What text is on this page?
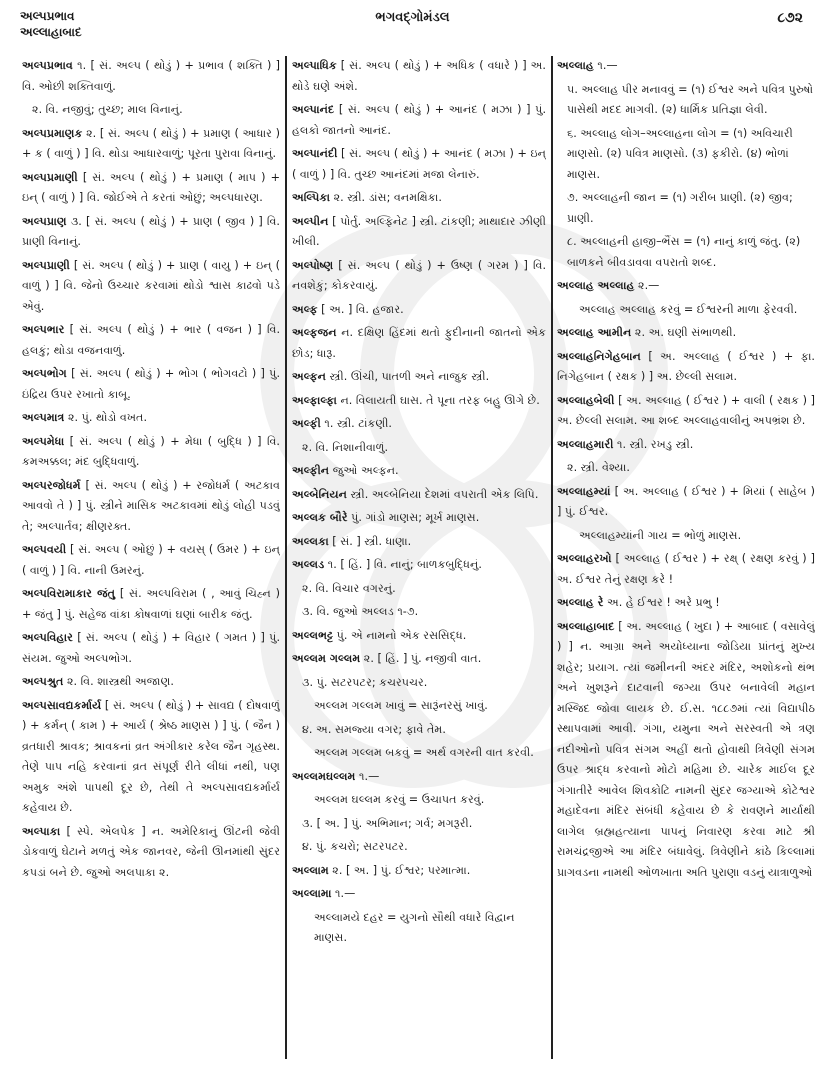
અલ્પપ્રભાવ
અલ્લાહાબાદ
ભગવદ્ગોમંડલ	૮૭૨

અલ્પપ્રભાવ ૧. [ સં. અલ્પ ( થોડું ) + પ્રભાવ ( શક્તિ ) ] વિ. ઓછી શક્તિવાળું.

૨. વિ. નજીવું; તુચ્છ; માલ વિનાનું.

અલ્પપ્રમાણક ૨. [ સં. અલ્પ ( થોડું ) + પ્રમાણ ( આધાર ) + ક ( વાળું ) ] વિ. થોડા આધારવાળું; પૂરતા પુરાવા વિનાનું.

અલ્પપ્રમાણી [ સં. અલ્પ ( થોડું ) + પ્રમાણ ( માપ ) + ઇન્ ( વાળું ) ] વિ. જોઈએ તે કરતાં ઓછું; અલ્પધારણ.

અલ્પપ્રાણ ૩. [ સં. અલ્પ ( થોડું ) + પ્રાણ ( જીવ ) ] વિ. પ્રાણી વિનાનું.

અલ્પપ્રાણી [ સં. અલ્પ ( થોડું ) + પ્રાણ ( વાયુ ) + ઇન્ ( વાળું ) ] વિ. જેનો ઉચ્ચાર કરવામાં થોડો શ્વાસ કાઢવો પડે એવું.

અલ્પભાર [ સં. અલ્પ ( થોડું ) + ભાર ( વજન ) ] વિ. હલકું; થોડા વજનવાળું.

અલ્પભોગ [ સં. અલ્પ ( થોડું ) + ભોગ ( ભોગવટો ) ] પું. ઇંદ્રિય ઉપર રખાતો કાબૂ.

અલ્પમાત્ર ૨. પું. થોડો વખત.

અલ્પમેધા [ સં. અલ્પ ( થોડું ) + મેધા ( બુદ્ધિ ) ] વિ. કમઅક્કલ; મંદ બુદ્ધિવાળું.

અલ્પરજોધર્મ [ સં. અલ્પ ( થોડું ) + રજોધર્મ ( અટકાવ આવવો તે ) ] પું. સ્ત્રીને માસિક અટકાવમાં થોડું લોહી પડવું તે; અલ્પાર્તવ; ક્ષીણરક્ત.

અલ્પવયી [ સં. અલ્પ ( ઓછું ) + વયસ્ ( ઉમર ) + ઇન્ ( વાળું ) ] વિ. નાની ઉમરનું.

અલ્પવિરામાકાર જંતુ [ સં. અલ્પવિરામ ( , આવું ચિહ્ન ) + જંતુ ] પું. સહેજ વાંકા કોષવાળાં ઘણાં બારીક જંતુ.

અલ્પવિહાર [ સં. અલ્પ ( થોડું ) + વિહાર ( ગમત ) ] પું. સંયમ. જુઓ અલ્પભોગ.

અલ્પશ્રુત ૨. વિ. શાસ્ત્રથી અજાણ.

અલ્પસાવદ્યકર્માર્ય [ સં. અલ્પ ( થોડું ) + સાવદ્ય ( દોષવાળું ) + કર્મન્ ( કામ ) + આર્ય ( શ્રેષ્ઠ માણસ ) ] પું. ( જૈન ) વ્રતધારી શ્રાવક; શ્રાવકનાં વ્રત અંગીકાર કરેલ જૈન ગૃહસ્થ. તેણે પાપ નહિ કરવાનાં વ્રત સંપૂર્ણ રીતે લીધાં નથી, પણ અમુક અંશે પાપથી દૂર છે, તેથી તે અલ્પસાવદ્યકર્માર્ય કહેવાય છે.

અલ્પાકા [ સ્પે. એલપેક ] ન. અમેરિકાનું ઊંટની જેવી ડોકવાળું ઘેટાને મળતું એક જાનવર, જેની ઊનમાંથી સુંદર કપડાં બને છે. જુઓ અલપાકા ૨.

અલ્પાધિક [ સં. અલ્પ ( થોડું ) + અધિક ( વધારે ) ] અ. થોડે ઘણે અંશે.

અલ્પાનંદ [ સં. અલ્પ ( થોડું ) + આનંદ ( મઝા ) ] પું. હલકો જાતનો આનંદ.

અલ્પાનંદી [ સં. અલ્પ ( થોડું ) + આનંદ ( મઝા ) + ઇન્ ( વાળું ) ] વિ. તુચ્છ આનંદમાં મજા લેનારું.

અલ્પિકા ૨. સ્ત્રી. ડાંસ; વનમક્ષિકા.

અલ્પીન [ પોર્તુ. અલ્ફિનેટ ] સ્ત્રી. ટાંકણી; માથાદાર ઝીણી ખીલી.

અલ્પોષ્ણ [ સં. અલ્પ ( થોડું ) + ઉષ્ણ ( ગરમ ) ] વિ. નવશેકું; કોકરવાયું.

અલ્ફ [ અ. ] વિ. હજાર.

અલ્ફજન ન. દક્ષિણ હિંદમાં થતો ફુદીનાની જાતનો એક છોડ; ધારૂ.

અલ્ફન સ્ત્રી. ઊંચી, પાતળી અને નાજુક સ્ત્રી.

અલ્ફાલ્ફા ન. વિલાયતી ઘાસ. તે પૂના તરફ બહુ ઊગે છે.

અલ્ફી ૧. સ્ત્રી. ટાંકણી.

૨. વિ. નિશાનીવાળું.

અલ્ફીન જુઓ અલ્ફન.

અલ્બેનિયન સ્ત્રી. અલ્બેનિયા દેશમાં વપરાતી એક લિપિ.

અલ્લક બૌરે પું. ગાંડો માણસ; મૂર્ખ માણસ.

અલ્લકા [ સં. ] સ્ત્રી. ધાણા.

અલ્લડ ૧. [ હિં. ] વિ. નાનું; બાળકબુદ્ધિનું.

૨. વિ. વિચાર વગરનું.

૩. વિ. જુઓ અલ્લડ ૧-૭.

અલ્લભટ્ટ પું. એ નામનો એક રસસિદ્ધ.

અલ્લમ ગલ્લમ ૨. [ હિં. ] પું. નજીવી વાત.

૩. પું. સટરપટર; કચરપચર.

અલ્લમ ગલ્લમ ખાવું = સારૂંનરસું ખાવું.

૪. અ. સમજ્યા વગર; ફાવે તેમ.

અલ્લમ ગલ્લમ બકવું = અર્થ વગરની વાત કરવી.

અલ્લમઘલ્લમ ૧.—

અલ્લમ ઘલ્લમ કરવું = ઉચાપત કરવું.

૩. [ અ. ] પું. અભિમાન; ગર્વ; મગરૂરી.

૪. પું. કચરો; સટરપટર.

અલ્લામ ૨. [ અ. ] પું. ઈશ્વર; પરમાત્મા.

અલ્લામા ૧.—

અલ્લામયે દહર = યુગનો સૌથી વધારે વિદ્વાન માણસ.

અલ્લાહ ૧.—

૫. અલ્લાહ પીર મનાવવું = (૧) ઈશ્વર અને પવિત્ર પુરુષો પાસેથી મદદ માગવી. (૨) ધાર્મિક પ્રતિજ્ઞા લેવી.

૬. અલ્લાહ લોગ–અલ્લાહના લોગ = (૧) અવિચારી માણસો. (૨) પવિત્ર માણસો. (૩) ફકીરો. (૪) ભોળાં માણસ.

૭. અલ્લાહની જાન = (૧) ગરીબ પ્રાણી. (૨) જીવ; પ્રાણી.

૮. અલ્લાહની હાજી–ભૈંસ = (૧) નાનું કાળું જંતુ. (૨) બાળકને બીવડાવવા વપરાતો શબ્દ.

અલ્લાહ અલ્લાહ ૨.—

અલ્લાહ અલ્લાહ કરવું = ઈશ્વરની માળા ફેરવવી.

અલ્લાહ આમીન ૨. અ. ઘણી સંભાળથી.

અલ્લાહનિગેહબાન [ અ. અલ્લાહ ( ઈશ્વર ) + ફા. નિગેહબાન ( રક્ષક ) ] અ. છેલ્લી સલામ.

અલ્લાહબેલી [ અ. અલ્લાહ ( ઈશ્વર ) + વાલી ( રક્ષક ) ] અ. છેલ્લી સલામ. આ શબ્દ અલ્લાહવાલીનું અપભ્રંશ છે.

અલ્લાહમારી ૧. સ્ત્રી. રખડુ સ્ત્રી.

૨. સ્ત્રી. વેશ્યા.

અલ્લાહમ્યાં [ અ. અલ્લાહ ( ઈશ્વર ) + મિયાં ( સાહેબ ) ] પું. ઈશ્વર.

અલ્લાહમ્યાંની ગાય = ભોળું માણસ.

અલ્લાહરખો [ અલ્લાહ ( ઈશ્વર ) + રક્ષ્ ( રક્ષણ કરવું ) ] અ. ઈશ્વર તેનું રક્ષણ કરે !

અલ્લાહ રે અ. હે ઈશ્વર ! અરે પ્રભુ !

અલ્લાહાબાદ [ અ. અલ્લાહ ( ખુદા ) + આબાદ ( વસાવેલું ) ] ન. આગ્રા અને અયોધ્યાના જોડિયા પ્રાંતનું મુખ્ય શહેર; પ્રયાગ. ત્યાં જમીનની અંદર મંદિર, અશોકનો થંભ અને ખુશરૂને દાટવાની જગ્યા ઉપર બનાવેલી મહાન મસ્જિદ જોવા લાયક છે. ઈ.સ. ૧૮૮૭માં ત્યાં વિદ્યાપીઠ સ્થાપવામાં આવી. ગંગા, યમુના અને સરસ્વતી એ ત્રણ નદીઓનો પવિત્ર સંગમ અહીં થતો હોવાથી ત્રિવેણી સંગમ ઉપર શ્રાદ્ધ કરવાનો મોટો મહિમા છે. ચારેક માઈલ દૂર ગંગાતીરે આવેલ શિવકોટિ નામની સુંદર જગ્યાએ કોટેશ્વર મહાદેવના મંદિર સંબંધી કહેવાય છે કે રાવણને માર્યાથી લાગેલ બ્રહ્મહત્યાના પાપનું નિવારણ કરવા માટે શ્રી રામચંદ્રજીએ આ મંદિર બંધાવેલું. ત્રિવેણીને કાંઠે કિલ્લામાં પ્રાગવડના નામથી ઓળખાતા અતિ પુરાણા વડનું યાત્રાળુઓ
